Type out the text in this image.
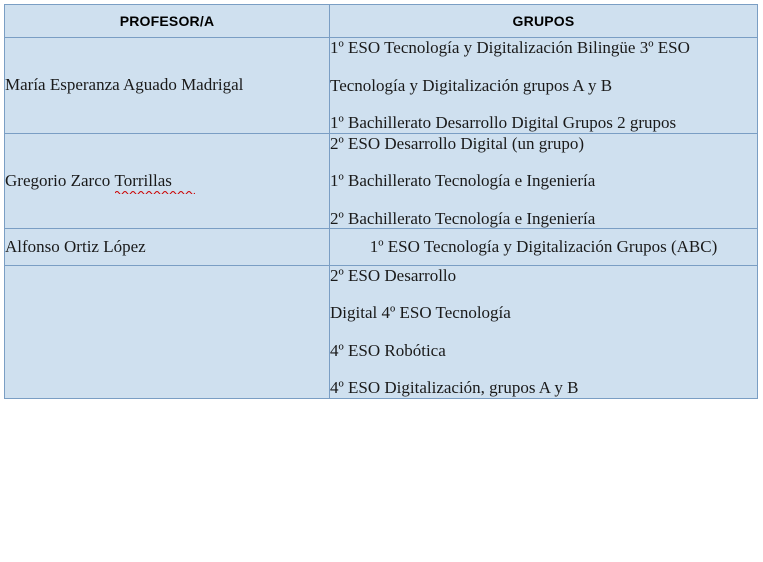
PROFESOR/A	GRUPOS
María Esperanza Aguado Madrigal	1º ESO Tecnología y Digitalización Bilingüe 3º ESO
Tecnología y Digitalización grupos A y B
1º Bachillerato Desarrollo Digital Grupos 2 grupos

Gregorio Zarco Torrillas	2º ESO Desarrollo Digital (un grupo)
1º Bachillerato Tecnología e Ingeniería
2º Bachillerato Tecnología e Ingeniería

Alfonso Ortiz López	1º ESO Tecnología y Digitalización Grupos (ABC)

	2º ESO Desarrollo
Digital 4º ESO Tecnología
4º ESO Robótica
4º ESO Digitalización, grupos A y B
